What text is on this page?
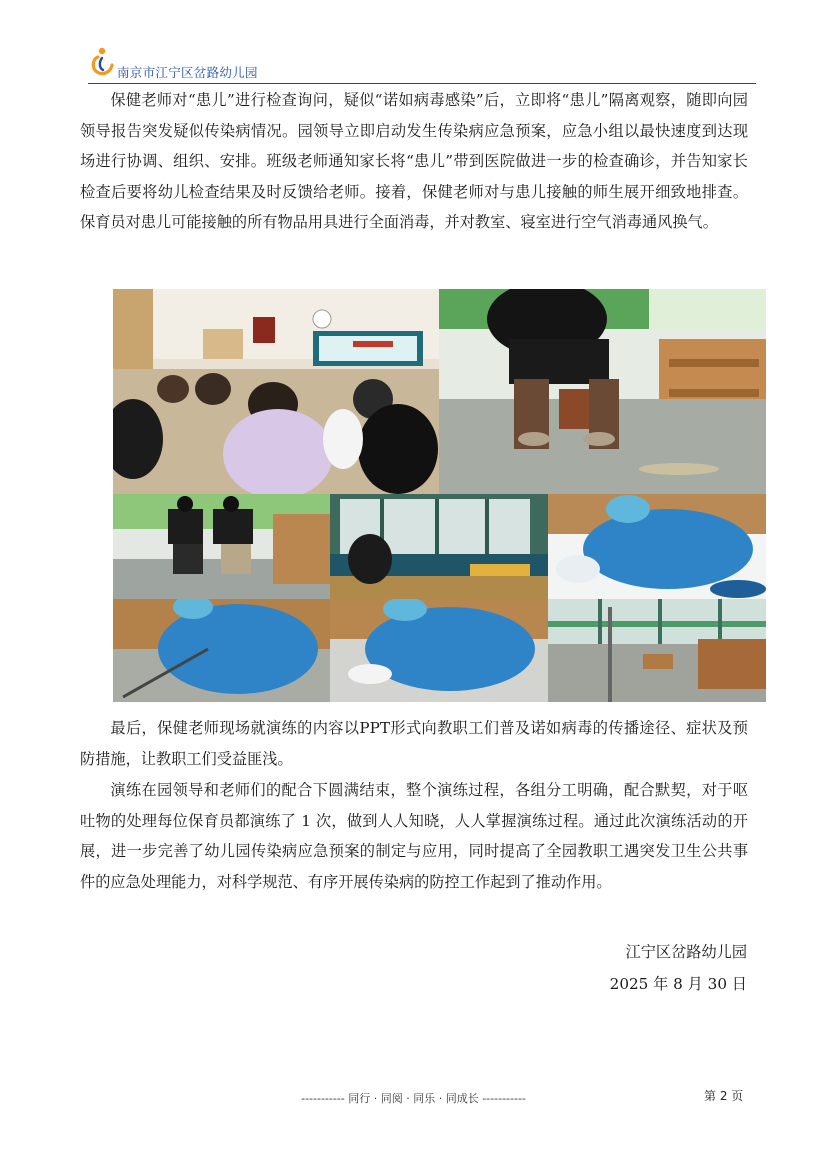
南京市江宁区岔路幼儿园

保健老师对“患儿”进行检查询问，疑似“诺如病毒感染”后，立即将“患儿”隔离观察，随即向园领导报告突发疑似传染病情况。园领导立即启动发生传染病应急预案，应急小组以最快速度到达现场进行协调、组织、安排。班级老师通知家长将“患儿”带到医院做进一步的检查确诊，并告知家长检查后要将幼儿检查结果及时反馈给老师。接着，保健老师对与患儿接触的师生展开细致地排查。保育员对患儿可能接触的所有物品用具进行全面消毒，并对教室、寝室进行空气消毒通风换气。

最后，保健老师现场就演练的内容以PPT形式向教职工们普及诺如病毒的传播途径、症状及预防措施，让教职工们受益匪浅。

演练在园领导和老师们的配合下圆满结束，整个演练过程，各组分工明确，配合默契，对于呕吐物的处理每位保育员都演练了 1 次，做到人人知晓，人人掌握演练过程。通过此次演练活动的开展，进一步完善了幼儿园传染病应急预案的制定与应用，同时提高了全园教职工遇突发卫生公共事件的应急处理能力，对科学规范、有序开展传染病的防控工作起到了推动作用。

江宁区岔路幼儿园

2025 年 8 月 30 日

----------- 同行 · 同阅 · 同乐 · 同成长 -----------	第 2 页
